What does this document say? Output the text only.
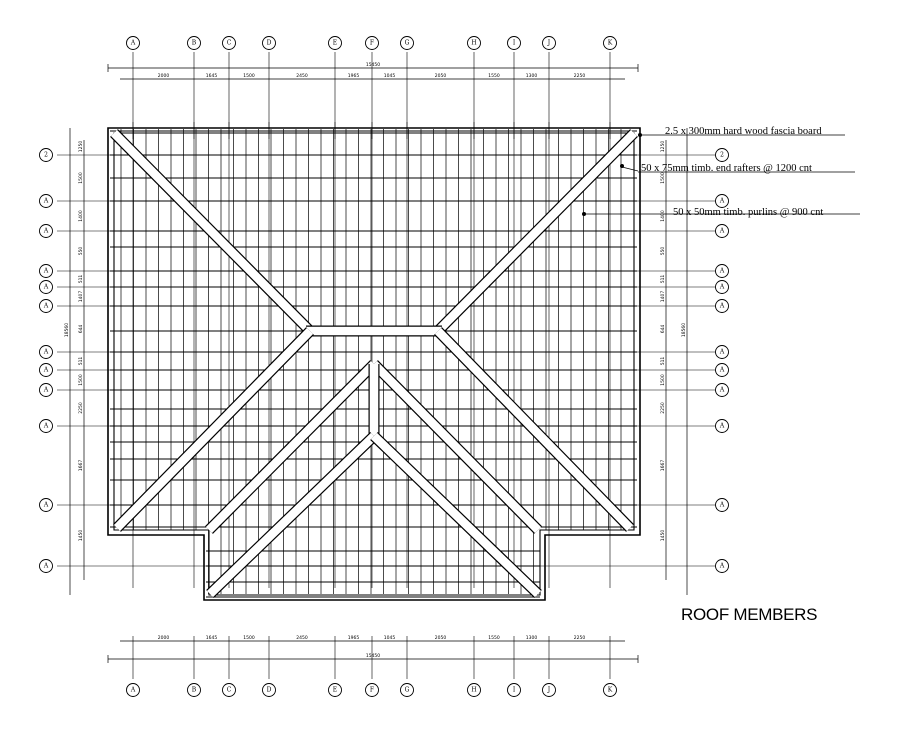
15450
2000	1645	1500	2450	1965	1045	2050	1550	1300	2250
15450
2000	1645	1500	2450	1965	1045	2050	1550	1300	2250
18560
1250
1500
1400
550
511
1407
644
511
1500
2250
1667
1450
18560
1250
1500
1400
550
511
1407
644
511
1500
2250
1667
1450
A
A
B
B
C
C
D
D
E
E
F
F
G
G
H
H
I
I
J
J
K
K
2	2
A	A
A	A
A	A
A	A
A	A
A	A
A	A
A	A
A	A
A	A
A	A
2.5 x 300mm hard wood fascia board
50 x 75mm timb. end rafters @ 1200 cnt
50 x 50mm timb. purlins @ 900 cnt
ROOF MEMBERS
